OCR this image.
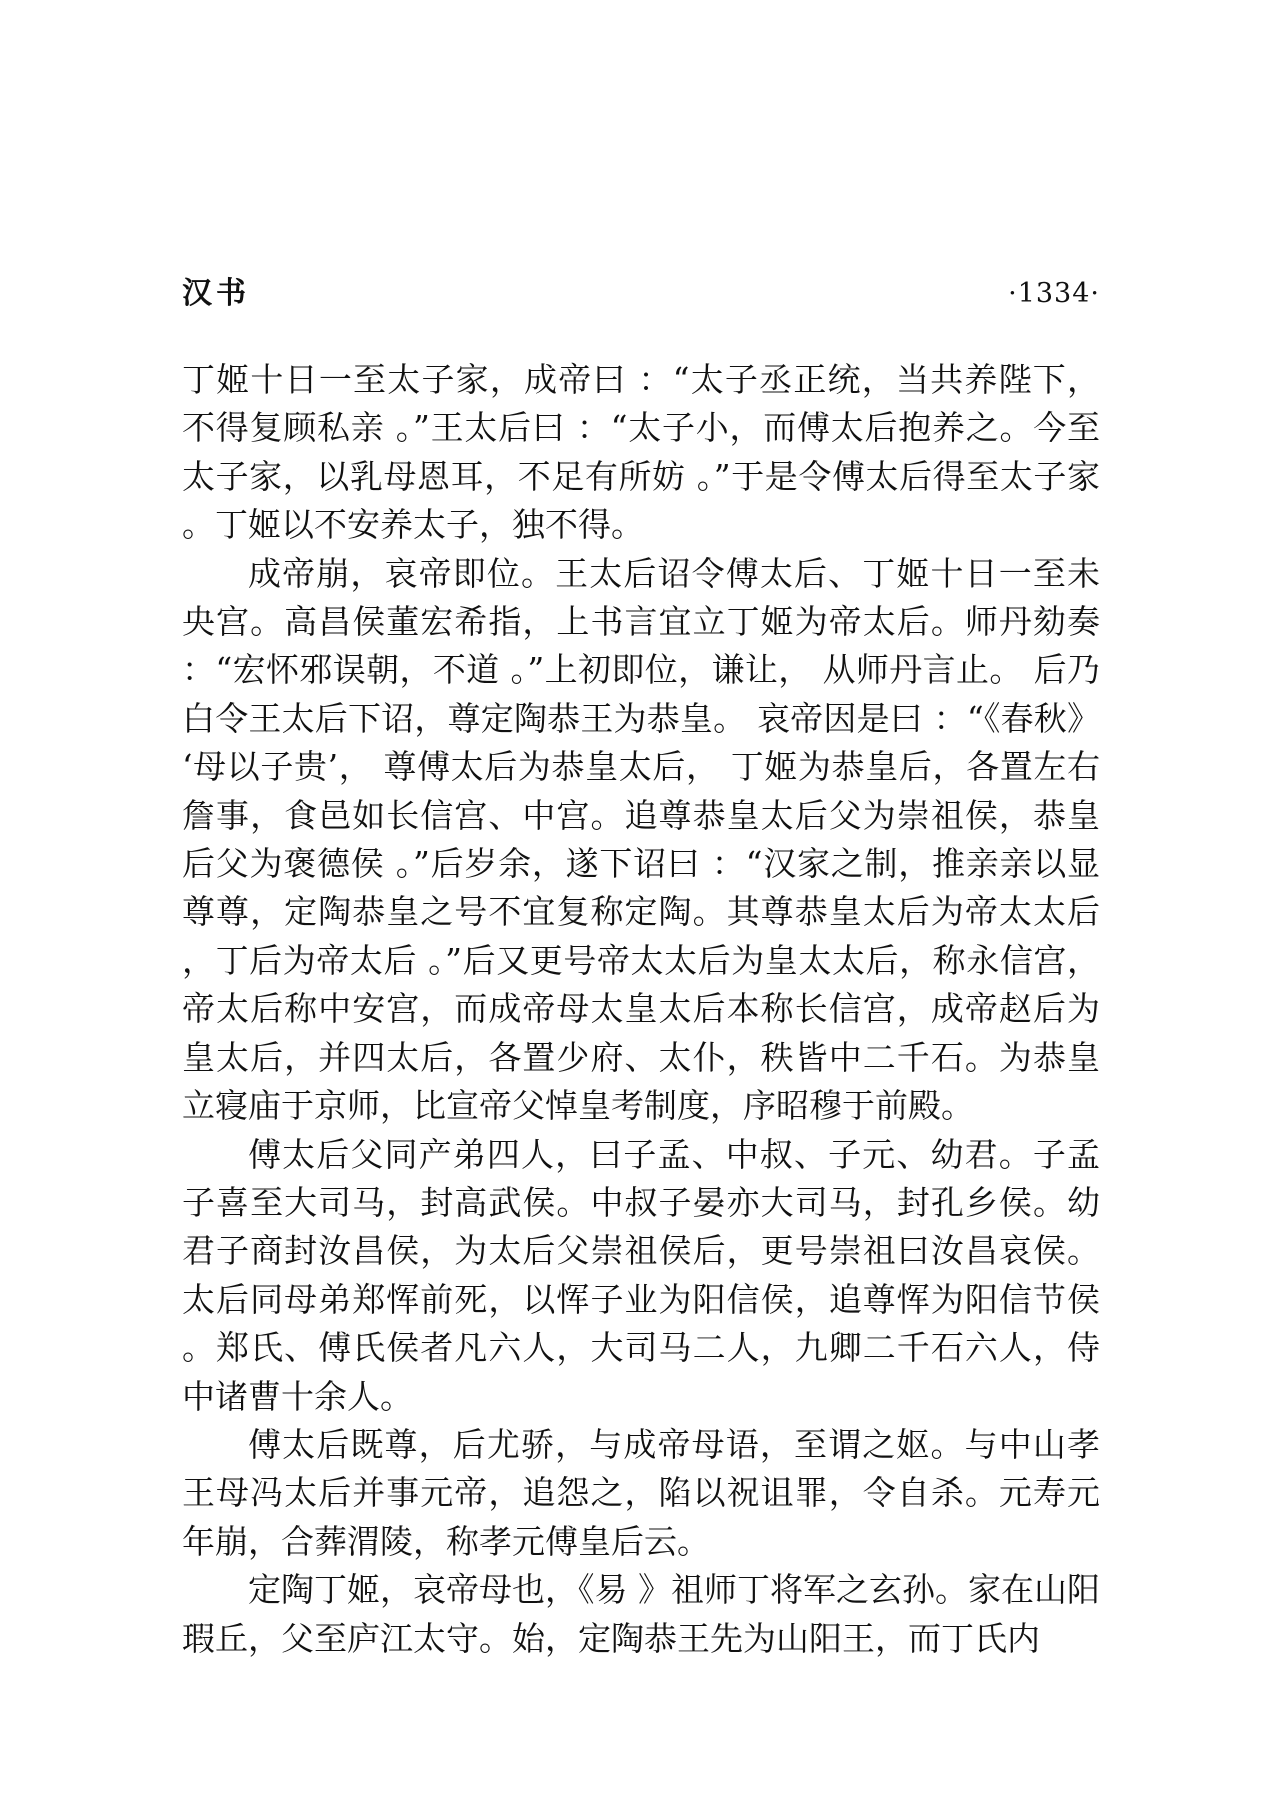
汉书	·1334·

丁姬十日一至太子家，成帝曰 ：“太子丞正统，当共养陛下，不得复顾私亲 。”王太后曰 ：“太子小，而傅太后抱养之。今至太子家，以乳母恩耳，不足有所妨 。”于是令傅太后得至太子家。丁姬以不安养太子，独不得。

成帝崩，哀帝即位。王太后诏令傅太后、丁姬十日一至未央宫。高昌侯董宏希指，上书言宜立丁姬为帝太后。师丹劾奏：“宏怀邪误朝，不道 。”上初即位，谦让， 从师丹言止。 后乃白令王太后下诏，尊定陶恭王为恭皇。 哀帝因是曰 ：“《春秋》‘母以子贵’， 尊傅太后为恭皇太后， 丁姬为恭皇后，各置左右詹事，食邑如长信宫、中宫。追尊恭皇太后父为崇祖侯，恭皇后父为褒德侯 。”后岁余，遂下诏曰 ：“汉家之制，推亲亲以显尊尊，定陶恭皇之号不宜复称定陶。其尊恭皇太后为帝太太后，丁后为帝太后 。”后又更号帝太太后为皇太太后，称永信宫，帝太后称中安宫，而成帝母太皇太后本称长信宫，成帝赵后为皇太后，并四太后，各置少府、太仆，秩皆中二千石。为恭皇立寝庙于京师，比宣帝父悼皇考制度，序昭穆于前殿。

傅太后父同产弟四人，曰子孟、中叔、子元、幼君。子孟子喜至大司马，封高武侯。中叔子晏亦大司马，封孔乡侯。幼君子商封汝昌侯，为太后父崇祖侯后，更号崇祖曰汝昌哀侯。太后同母弟郑恽前死，以恽子业为阳信侯，追尊恽为阳信节侯。郑氏、傅氏侯者凡六人，大司马二人，九卿二千石六人，侍中诸曹十余人。

傅太后既尊，后尤骄，与成帝母语，至谓之妪。与中山孝王母冯太后并事元帝，追怨之，陷以祝诅罪，令自杀。元寿元年崩，合葬渭陵，称孝元傅皇后云。

定陶丁姬，哀帝母也，《易 》祖师丁将军之玄孙。家在山阳瑕丘，父至庐江太守。始，定陶恭王先为山阳王，而丁氏内
